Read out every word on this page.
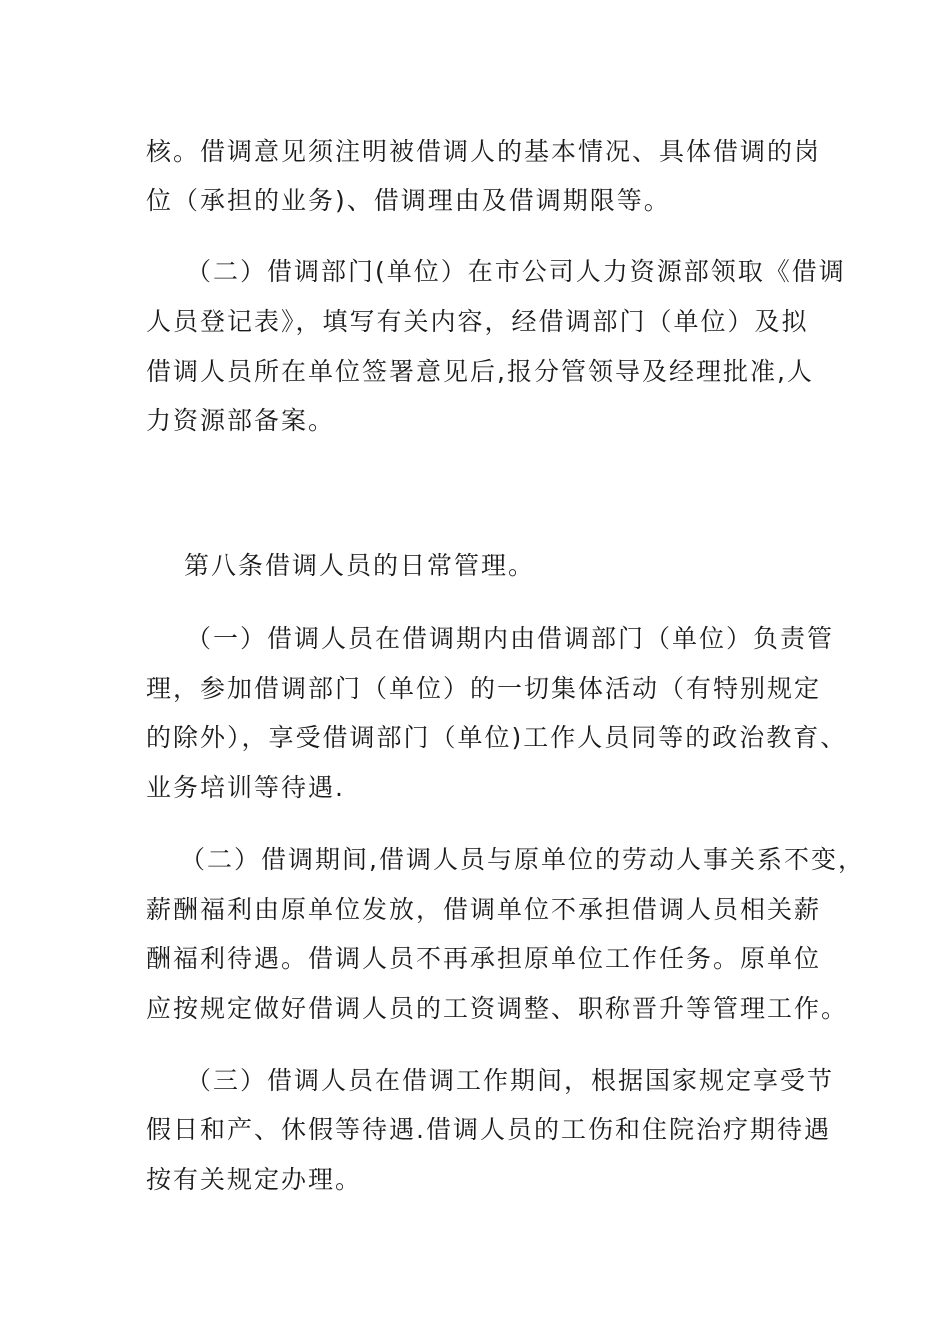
核。借调意见须注明被借调人的基本情况、具体借调的岗
位（承担的业务)、借调理由及借调期限等。
（二）借调部门(单位）在市公司人力资源部领取《借调
人员登记表》，填写有关内容，经借调部门（单位）及拟
借调人员所在单位签署意见后,报分管领导及经理批准,人
力资源部备案。
第八条借调人员的日常管理。
（一）借调人员在借调期内由借调部门（单位）负责管
理，参加借调部门（单位）的一切集体活动（有特别规定
的除外），享受借调部门（单位)工作人员同等的政治教育、
业务培训等待遇.
（二）借调期间,借调人员与原单位的劳动人事关系不变，
薪酬福利由原单位发放，借调单位不承担借调人员相关薪
酬福利待遇。借调人员不再承担原单位工作任务。原单位
应按规定做好借调人员的工资调整、职称晋升等管理工作。
（三）借调人员在借调工作期间，根据国家规定享受节
假日和产、休假等待遇.借调人员的工伤和住院治疗期待遇
按有关规定办理。
